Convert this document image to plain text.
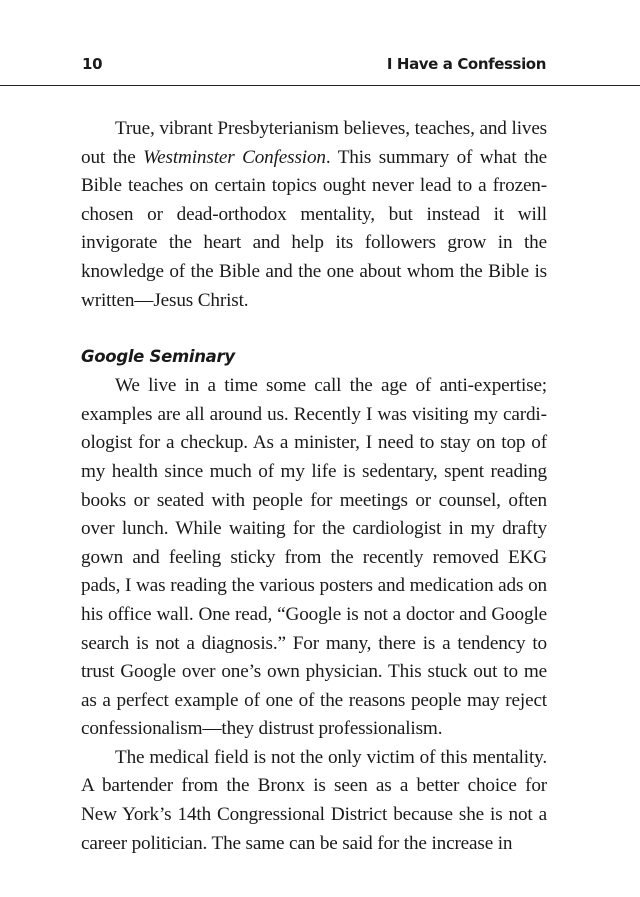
10	I Have a Confession

True, vibrant Presbyterianism believes, teaches, and lives out the Westminster Confession. This summary of what the Bible teaches on certain topics ought never lead to a frozen-chosen or dead-orthodox mentality, but instead it will invigorate the heart and help its followers grow in the knowledge of the Bible and the one about whom the Bible is written—Jesus Christ.

Google Seminary

We live in a time some call the age of anti-expertise; examples are all around us. Recently I was visiting my cardiologist for a checkup. As a minister, I need to stay on top of my health since much of my life is sedentary, spent reading books or seated with people for meetings or counsel, often over lunch. While waiting for the cardiologist in my drafty gown and feeling sticky from the recently removed EKG pads, I was reading the various posters and medication ads on his office wall. One read, “Google is not a doctor and Google search is not a diagnosis.” For many, there is a tendency to trust Google over one’s own physician. This stuck out to me as a perfect example of one of the reasons people may reject confessionalism—they distrust professionalism.

The medical field is not the only victim of this mentality. A bartender from the Bronx is seen as a better choice for New York’s 14th Congressional District because she is not a career politician. The same can be said for the increase in
